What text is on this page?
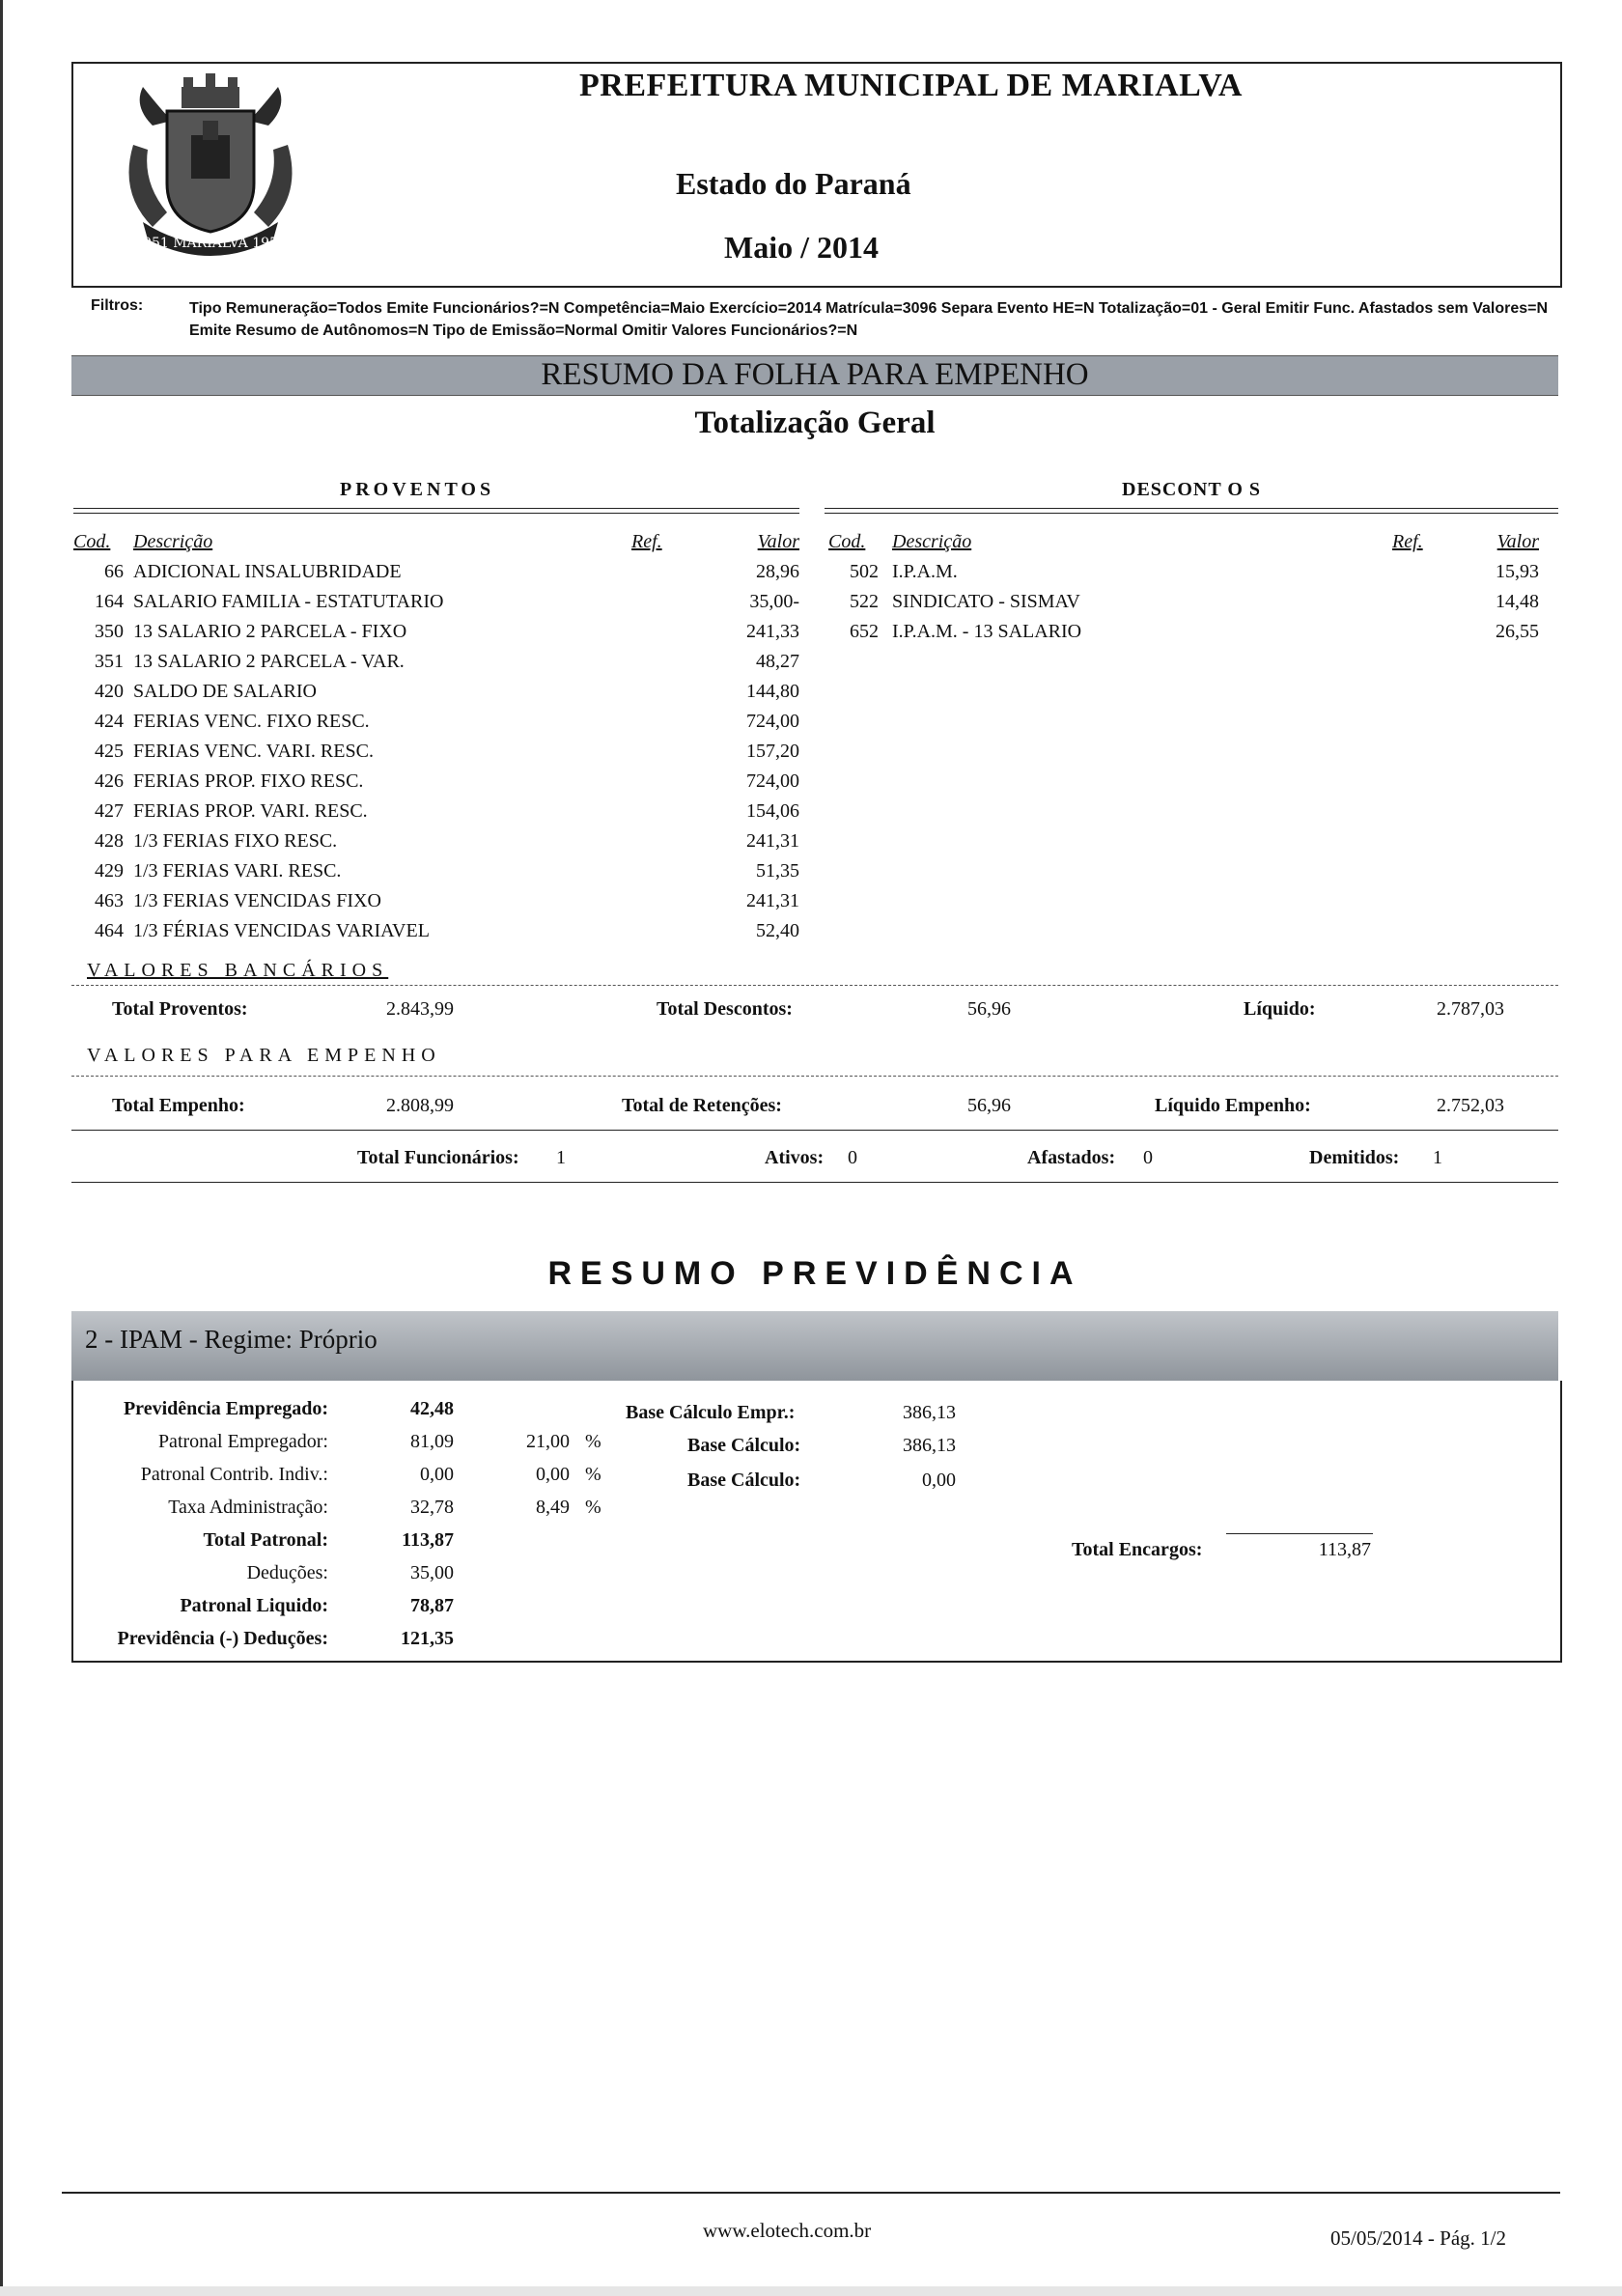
1951 MARIALVA 1951
PREFEITURA MUNICIPAL DE MARIALVA
Estado do Paraná
Maio / 2014
Filtros:	Tipo Remuneração=Todos Emite Funcionários?=N Competência=Maio Exercício=2014 Matrícula=3096 Separa Evento HE=N Totalização=01 - Geral Emitir Func. Afastados sem Valores=N Emite Resumo de Autônomos=N Tipo de Emissão=Normal Omitir Valores Funcionários?=N
RESUMO DA FOLHA PARA EMPENHO
Totalização Geral
PROVENTOS	DESCONT O S
Cod.	Descrição	Ref.	Valor
66 ADICIONAL INSALUBRIDADE	28,96
164 SALARIO FAMILIA - ESTATUTARIO	35,00-
350 13 SALARIO 2 PARCELA - FIXO	241,33
351 13 SALARIO 2 PARCELA - VAR.	48,27
420 SALDO DE SALARIO	144,80
424 FERIAS VENC. FIXO RESC.	724,00
425 FERIAS VENC. VARI. RESC.	157,20
426 FERIAS PROP. FIXO RESC.	724,00
427 FERIAS PROP. VARI. RESC.	154,06
428 1/3 FERIAS FIXO RESC.	241,31
429 1/3 FERIAS VARI. RESC.	51,35
463 1/3 FERIAS VENCIDAS FIXO	241,31
464 1/3 FÉRIAS VENCIDAS VARIAVEL	52,40
Cod.	Descrição	Ref.	Valor
502 I.P.A.M.	15,93
522 SINDICATO - SISMAV	14,48
652 I.P.A.M. - 13 SALARIO	26,55
VALORES BANCÁRIOS
Total Proventos:	2.843,99	Total Descontos:	56,96	Líquido:	2.787,03
VALORES PARA EMPENHO
Total Empenho:	2.808,99	Total de Retenções:	56,96	Líquido Empenho:	2.752,03
Total Funcionários: 1	Ativos: 0	Afastados: 0	Demitidos: 1
RESUMO PREVIDÊNCIA
2 - IPAM - Regime: Próprio
Previdência Empregado:	42,48
Patronal Empregador:	81,09	21,00 %
Patronal Contrib. Indiv.:	0,00	0,00 %
Taxa Administração:	32,78	8,49 %
Total Patronal:	113,87
Deduções:	35,00
Patronal Liquido:	78,87
Previdência (-) Deduções:	121,35
Base Cálculo Empr.:	386,13
Base Cálculo:	386,13
Base Cálculo:	0,00
Total Encargos:	113,87
www.elotech.com.br	05/05/2014 - Pág. 1/2
